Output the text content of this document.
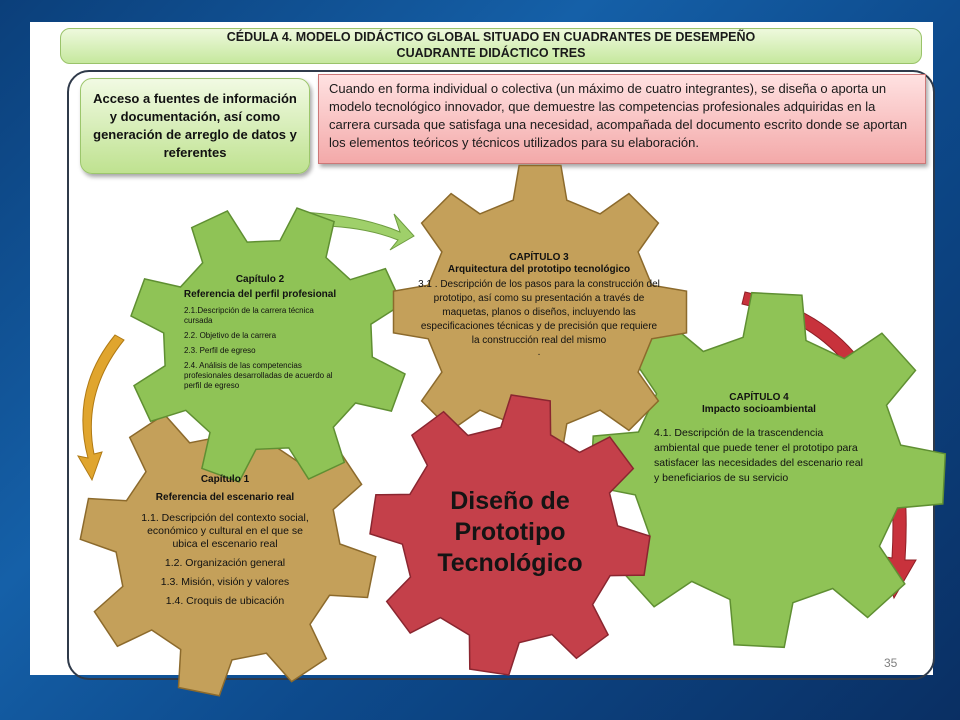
CÉDULA 4. MODELO DIDÁCTICO GLOBAL SITUADO EN CUADRANTES DE DESEMPEÑO
CUADRANTE DIDÁCTICO TRES
Acceso a fuentes de información y documentación, así como generación de arreglo de datos y referentes
Cuando en forma individual o colectiva (un máximo de cuatro integrantes), se diseña o aporta un modelo tecnológico innovador, que demuestre las competencias profesionales adquiridas en la carrera cursada que satisfaga una necesidad, acompañada del documento escrito donde se aportan los elementos teóricos y técnicos utilizados para su elaboración.
Capítulo 2
Referencia del perfil profesional
2.1.Descripción de la carrera técnica cursada
2.2. Objetivo de la carrera
2.3. Perfil de egreso
2.4. Análisis de las competencias profesionales desarrolladas de acuerdo al perfil de egreso
CAPÍTULO 3
Arquitectura del prototipo tecnológico
3.1 . Descripción de los pasos para la construcción del prototipo, así como su presentación a través de maquetas, planos o diseños, incluyendo las especificaciones técnicas y de precisión que requiere la construcción real del mismo
.
CAPÍTULO 4
Impacto socioambiental
4.1. Descripción de la trascendencia ambiental que puede tener el prototipo para satisfacer las necesidades del escenario real y beneficiarios de su servicio
Capítulo 1
Referencia del escenario real
1.1. Descripción del contexto social, económico y cultural en el que se ubica el escenario real
1.2. Organización general
1.3. Misión, visión y valores
1.4. Croquis de ubicación
Diseño de
Prototipo
Tecnológico
35
